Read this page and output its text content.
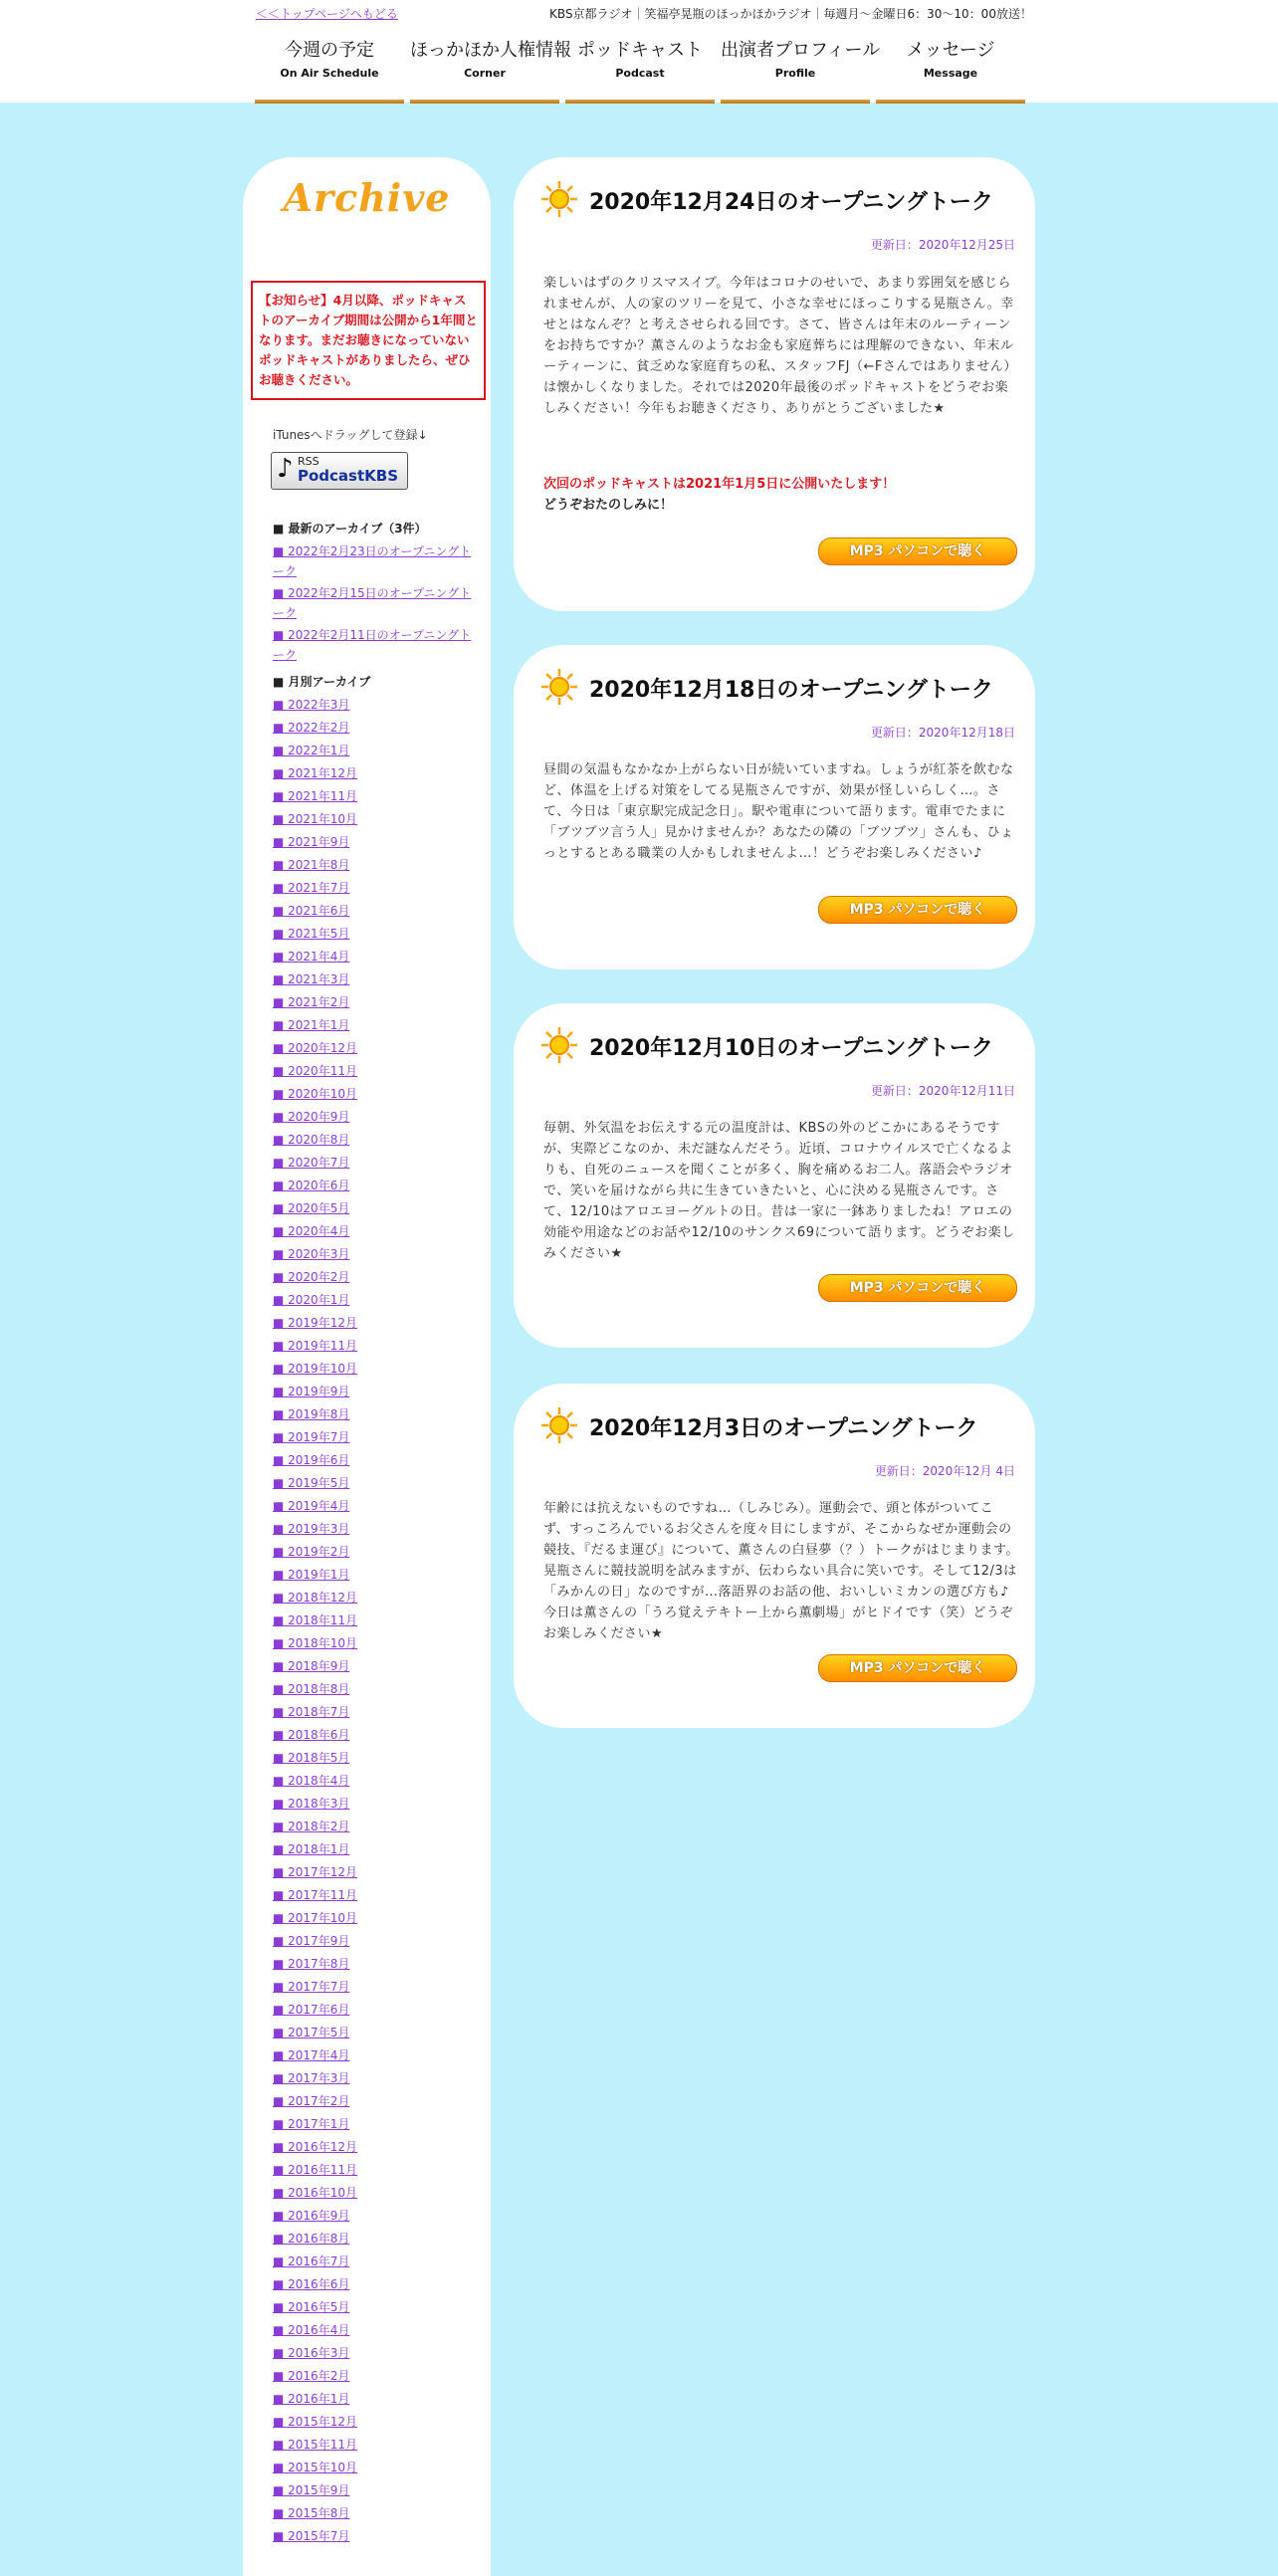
＜＜トップページへもどる	KBS京都ラジオ｜笑福亭晃瓶のほっかほかラジオ｜毎週月～金曜日6：30～10：00放送！
今週の予定
On Air Schedule
ほっかほか人権情報
Corner
ポッドキャスト
Podcast
出演者プロフィール
Profile
メッセージ
Message
Archive
【お知らせ】4月以降、ポッドキャストのアーカイブ期間は公開から1年間となります。まだお聴きになっていないポッドキャストがありましたら、ぜひお聴きください。
iTunesへドラッグして登録↓
♪ RSS
PodcastKBS
■ 最新のアーカイブ（3件）
■ 2022年2月23日のオープニングトーク
■ 2022年2月15日のオープニングトーク
■ 2022年2月11日のオープニングトーク
■ 月別アーカイブ
■ 2022年3月
■ 2022年2月
■ 2022年1月
■ 2021年12月
■ 2021年11月
■ 2021年10月
■ 2021年9月
■ 2021年8月
■ 2021年7月
■ 2021年6月
■ 2021年5月
■ 2021年4月
■ 2021年3月
■ 2021年2月
■ 2021年1月
■ 2020年12月
■ 2020年11月
■ 2020年10月
■ 2020年9月
■ 2020年8月
■ 2020年7月
■ 2020年6月
■ 2020年5月
■ 2020年4月
■ 2020年3月
■ 2020年2月
■ 2020年1月
■ 2019年12月
■ 2019年11月
■ 2019年10月
■ 2019年9月
■ 2019年8月
■ 2019年7月
■ 2019年6月
■ 2019年5月
■ 2019年4月
■ 2019年3月
■ 2019年2月
■ 2019年1月
■ 2018年12月
■ 2018年11月
■ 2018年10月
■ 2018年9月
■ 2018年8月
■ 2018年7月
■ 2018年6月
■ 2018年5月
■ 2018年4月
■ 2018年3月
■ 2018年2月
■ 2018年1月
■ 2017年12月
■ 2017年11月
■ 2017年10月
■ 2017年9月
■ 2017年8月
■ 2017年7月
■ 2017年6月
■ 2017年5月
■ 2017年4月
■ 2017年3月
■ 2017年2月
■ 2017年1月
■ 2016年12月
■ 2016年11月
■ 2016年10月
■ 2016年9月
■ 2016年8月
■ 2016年7月
■ 2016年6月
■ 2016年5月
■ 2016年4月
■ 2016年3月
■ 2016年2月
■ 2016年1月
■ 2015年12月
■ 2015年11月
■ 2015年10月
■ 2015年9月
■ 2015年8月
■ 2015年7月
2020年12月24日のオープニングトーク
更新日：2020年12月25日
楽しいはずのクリスマスイブ。今年はコロナのせいで、あまり雰囲気を感じられませんが、人の家のツリーを見て、小さな幸せにほっこりする晃瓶さん。幸せとはなんぞ？と考えさせられる回です。さて、皆さんは年末のルーティーンをお持ちですか？薫さんのようなお金も家庭葬ちには理解のできない、年末ルーティーンに、貧乏めな家庭育ちの私、スタッフFJ（←Fさんではありません）は懐かしくなりました。それでは2020年最後のポッドキャストをどうぞお楽しみください！今年もお聴きくださり、ありがとうございました★
次回のポッドキャストは2021年1月5日に公開いたします！
どうぞおたのしみに！
MP3 パソコンで聴く
2020年12月18日のオープニングトーク
更新日：2020年12月18日
昼間の気温もなかなか上がらない日が続いていますね。しょうが紅茶を飲むなど、体温を上げる対策をしてる晃瓶さんですが、効果が怪しいらしく…。さて、今日は「東京駅完成記念日」。駅や電車について語ります。電車でたまに「ブツブツ言う人」見かけませんか？あなたの隣の「ブツブツ」さんも、ひょっとするとある職業の人かもしれませんよ…！どうぞお楽しみください♪
MP3 パソコンで聴く
2020年12月10日のオープニングトーク
更新日：2020年12月11日
毎朝、外気温をお伝えする元の温度計は、KBSの外のどこかにあるそうですが、実際どこなのか、未だ謎なんだそう。近頃、コロナウイルスで亡くなるよりも、自死のニュースを聞くことが多く、胸を痛めるお二人。落語会やラジオで、笑いを届けながら共に生きていきたいと、心に決める晃瓶さんです。さて、12/10はアロエヨーグルトの日。昔は一家に一鉢ありましたね！アロエの効能や用途などのお話や12/10のサンクス69について語ります。どうぞお楽しみください★
MP3 パソコンで聴く
2020年12月3日のオープニングトーク
更新日：2020年12月 4日
年齢には抗えないものですね…（しみじみ）。運動会で、頭と体がついてこず、すっころんでいるお父さんを度々目にしますが、そこからなぜか運動会の競技、『だるま運び』について、薫さんの白昼夢（？）トークがはじまります。晃瓶さんに競技説明を試みますが、伝わらない具合に笑いです。そして12/3は「みかんの日」なのですが…落語界のお話の他、おいしいミカンの選び方も♪今日は薫さんの「うろ覚えテキトー上から薫劇場」がヒドイです（笑）どうぞお楽しみください★
MP3 パソコンで聴く
